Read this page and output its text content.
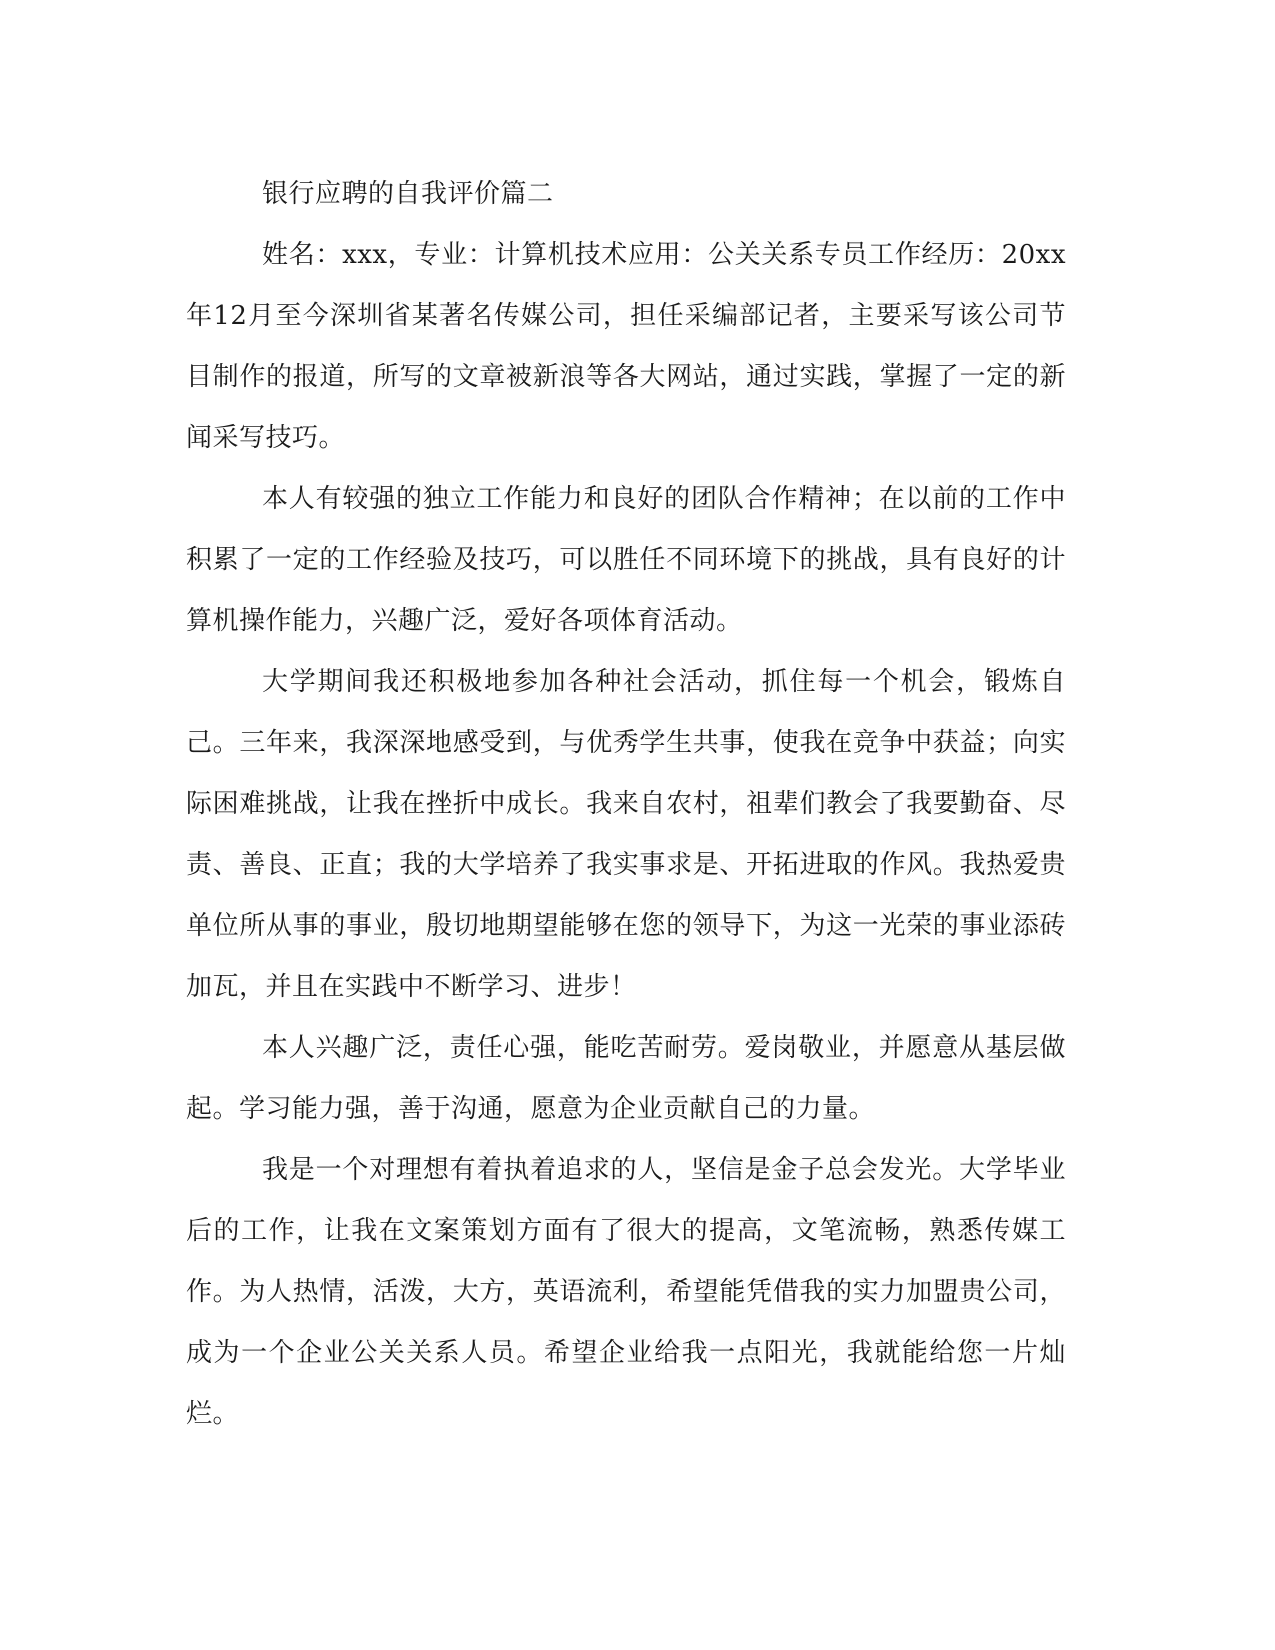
银行应聘的自我评价篇二

姓名：xxx，专业：计算机技术应用：公关关系专员工作经历：20xx年12月至今深圳省某著名传媒公司，担任采编部记者，主要采写该公司节目制作的报道，所写的文章被新浪等各大网站，通过实践，掌握了一定的新闻采写技巧。

本人有较强的独立工作能力和良好的团队合作精神；在以前的工作中积累了一定的工作经验及技巧，可以胜任不同环境下的挑战，具有良好的计算机操作能力，兴趣广泛，爱好各项体育活动。

大学期间我还积极地参加各种社会活动，抓住每一个机会，锻炼自己。三年来，我深深地感受到，与优秀学生共事，使我在竞争中获益；向实际困难挑战，让我在挫折中成长。我来自农村，祖辈们教会了我要勤奋、尽责、善良、正直；我的大学培养了我实事求是、开拓进取的作风。我热爱贵单位所从事的事业，殷切地期望能够在您的领导下，为这一光荣的事业添砖加瓦，并且在实践中不断学习、进步！

本人兴趣广泛，责任心强，能吃苦耐劳。爱岗敬业，并愿意从基层做起。学习能力强，善于沟通，愿意为企业贡献自己的力量。

我是一个对理想有着执着追求的人，坚信是金子总会发光。大学毕业后的工作，让我在文案策划方面有了很大的提高，文笔流畅，熟悉传媒工作。为人热情，活泼，大方，英语流利，希望能凭借我的实力加盟贵公司，成为一个企业公关关系人员。希望企业给我一点阳光，我就能给您一片灿烂。
